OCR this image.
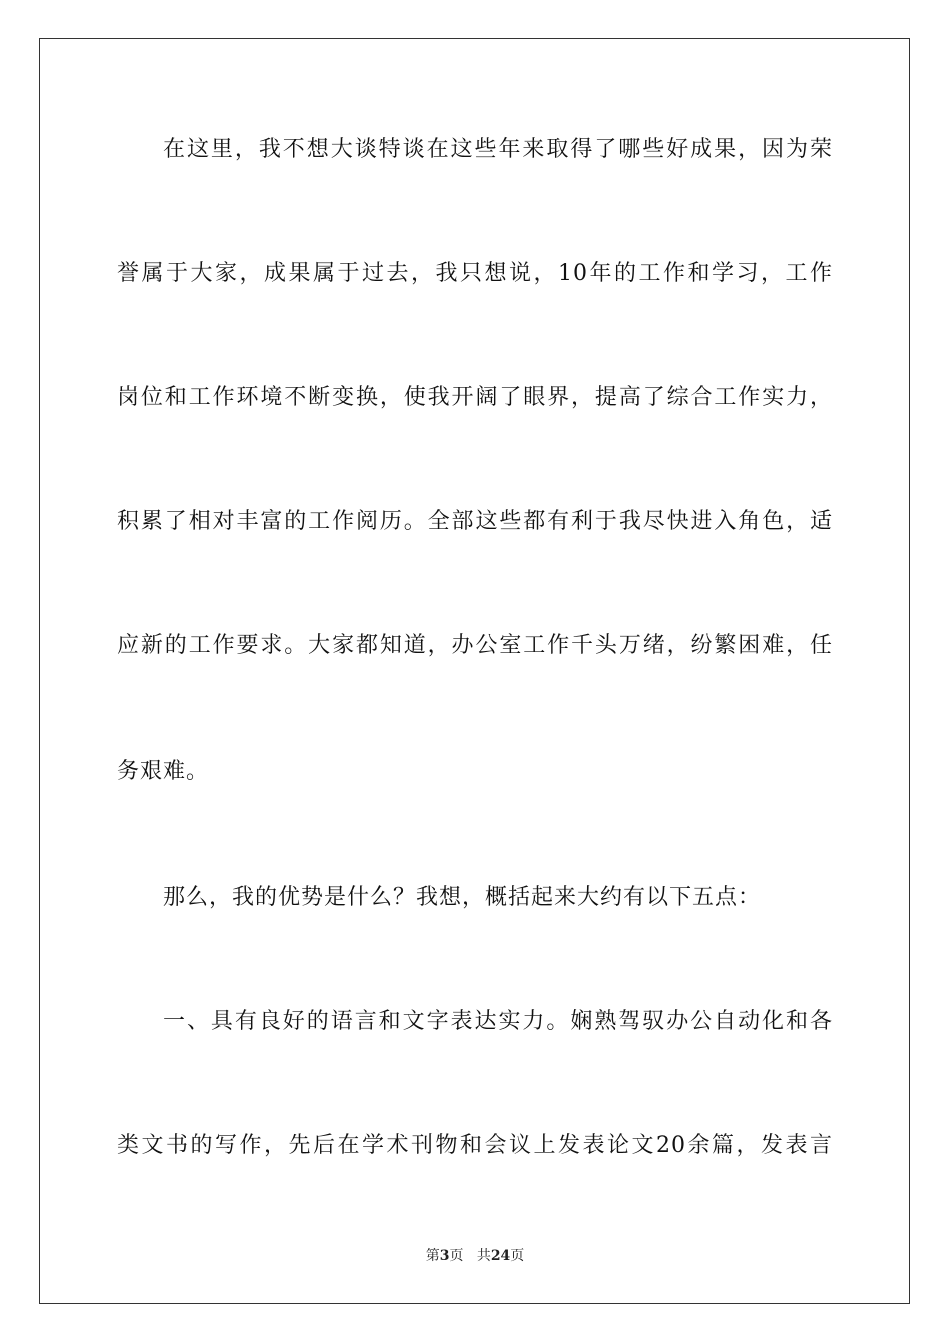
在这里，我不想大谈特谈在这些年来取得了哪些好成果，因为荣
誉属于大家，成果属于过去，我只想说，10年的工作和学习，工作
岗位和工作环境不断变换，使我开阔了眼界，提高了综合工作实力，
积累了相对丰富的工作阅历。全部这些都有利于我尽快进入角色，适
应新的工作要求。大家都知道，办公室工作千头万绪，纷繁困难，任
务艰难。
那么，我的优势是什么？我想，概括起来大约有以下五点：
一、具有良好的语言和文字表达实力。娴熟驾驭办公自动化和各
类文书的写作，先后在学术刊物和会议上发表论文20余篇，发表言
第3页 共24页
